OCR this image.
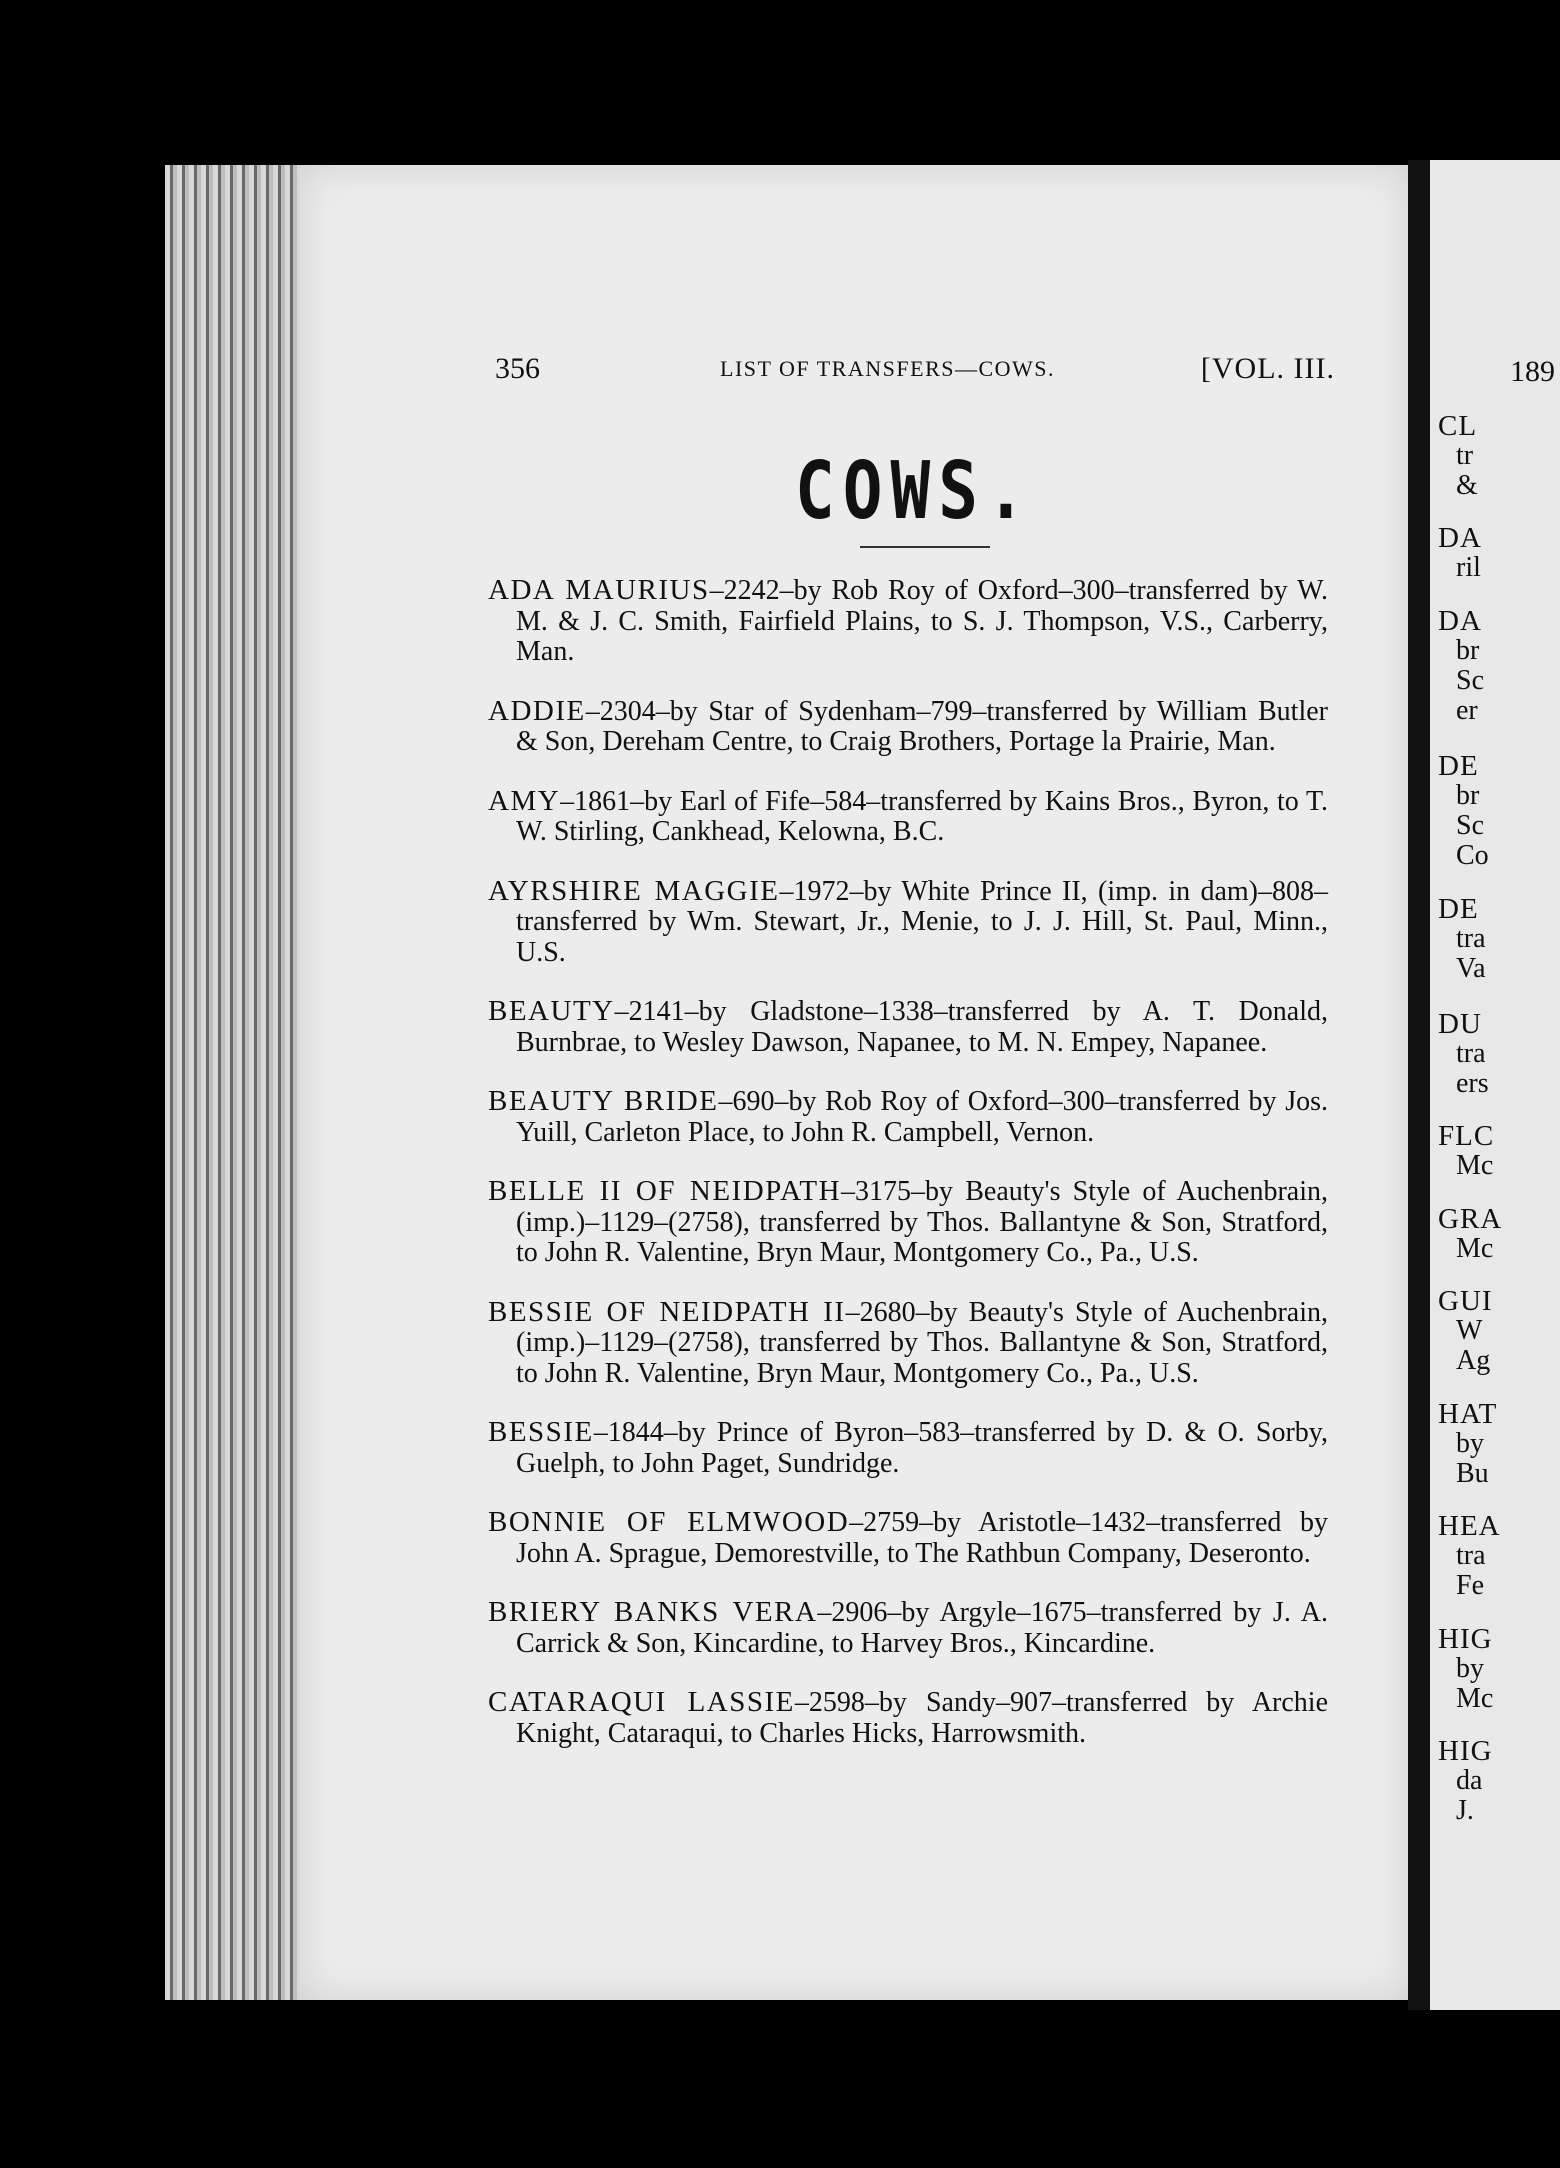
356	LIST OF TRANSFERS—COWS.	[VOL. III.
COWS.

ADA MAURIUS–2242–by Rob Roy of Oxford–300–transferred by W. M. & J. C. Smith, Fairfield Plains, to S. J. Thompson, V.S., Carberry, Man.

ADDIE–2304–by Star of Sydenham–799–transferred by William Butler & Son, Dereham Centre, to Craig Brothers, Portage la Prairie, Man.

AMY–1861–by Earl of Fife–584–transferred by Kains Bros., Byron, to T. W. Stirling, Cankhead, Kelowna, B.C.

AYRSHIRE MAGGIE–1972–by White Prince II, (imp. in dam)–808–transferred by Wm. Stewart, Jr., Menie, to J. J. Hill, St. Paul, Minn., U.S.

BEAUTY–2141–by Gladstone–1338–transferred by A. T. Donald, Burnbrae, to Wesley Dawson, Napanee, to M. N. Empey, Napanee.

BEAUTY BRIDE–690–by Rob Roy of Oxford–300–transferred by Jos. Yuill, Carleton Place, to John R. Campbell, Vernon.

BELLE II OF NEIDPATH–3175–by Beauty's Style of Auchenbrain, (imp.)–1129–(2758), transferred by Thos. Ballantyne & Son, Stratford, to John R. Valentine, Bryn Maur, Montgomery Co., Pa., U.S.

BESSIE OF NEIDPATH II–2680–by Beauty's Style of Auchenbrain, (imp.)–1129–(2758), transferred by Thos. Ballantyne & Son, Stratford, to John R. Valentine, Bryn Maur, Montgomery Co., Pa., U.S.

BESSIE–1844–by Prince of Byron–583–transferred by D. & O. Sorby, Guelph, to John Paget, Sundridge.

BONNIE OF ELMWOOD–2759–by Aristotle–1432–transferred by John A. Sprague, Demorestville, to The Rathbun Company, Deseronto.

BRIERY BANKS VERA–2906–by Argyle–1675–transferred by J. A. Carrick & Son, Kincardine, to Harvey Bros., Kincardine.

CATARAQUI LASSIE–2598–by Sandy–907–transferred by Archie Knight, Cataraqui, to Charles Hicks, Harrowsmith.

189
CL
tr
&
DA
ril
DA
br
Sc
er
DE
br
Sc
Co
DE
tra
Va
DU
tra
ers
FLC
Mc
GRA
Mc
GUI
W
Ag
HAT
by
Bu
HEA
tra
Fe
HIG
by
Mc
HIG
da
J.
